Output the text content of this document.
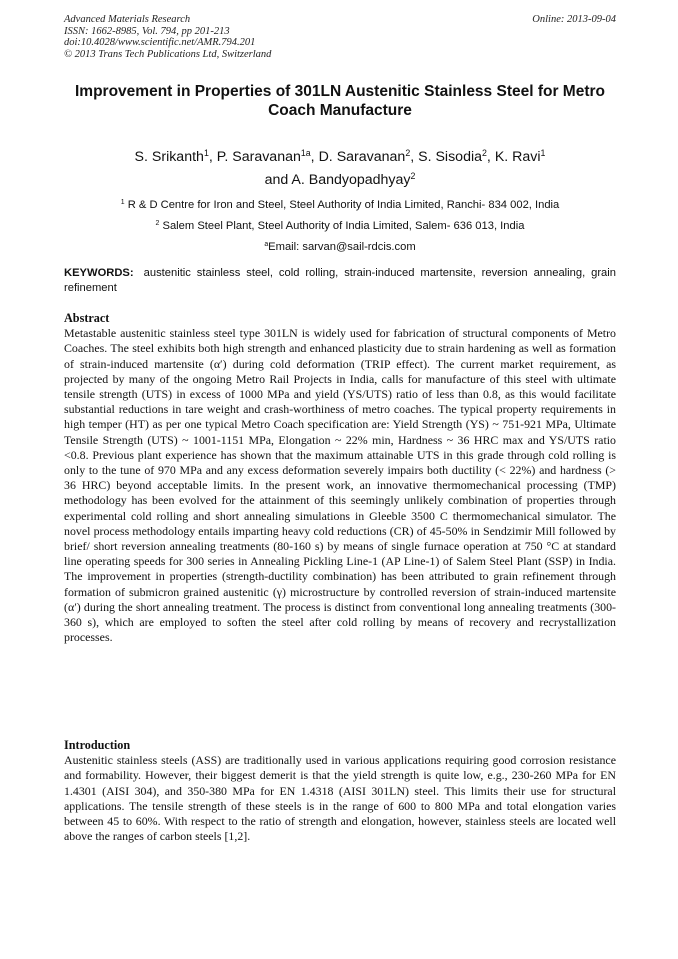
Advanced Materials Research
ISSN: 1662-8985, Vol. 794, pp 201-213
doi:10.4028/www.scientific.net/AMR.794.201
© 2013 Trans Tech Publications Ltd, Switzerland
Online: 2013-09-04
Improvement in Properties of 301LN Austenitic Stainless Steel for Metro Coach Manufacture
S. Srikanth$^1$, P. Saravanan$^{1a}$, D. Saravanan$^2$, S. Sisodia$^2$, K. Ravi$^1$
and A. Bandyopadhyay$^2$
$^1$ R & D Centre for Iron and Steel, Steel Authority of India Limited, Ranchi- 834 002, India
$^2$ Salem Steel Plant, Steel Authority of India Limited, Salem- 636 013, India
$^a$Email: sarvan@sail-rdcis.com
KEYWORDS: austenitic stainless steel, cold rolling, strain-induced martensite, reversion annealing, grain refinement
Abstract

Metastable austenitic stainless steel type 301LN is widely used for fabrication of structural components of Metro Coaches. The steel exhibits both high strength and enhanced plasticity due to strain hardening as well as formation of strain-induced martensite (α′) during cold deformation (TRIP effect). The current market requirement, as projected by many of the ongoing Metro Rail Projects in India, calls for manufacture of this steel with ultimate tensile strength (UTS) in excess of 1000 MPa and yield (YS/UTS) ratio of less than 0.8, as this would facilitate substantial reductions in tare weight and crash-worthiness of metro coaches. The typical property requirements in high temper (HT) as per one typical Metro Coach specification are: Yield Strength (YS) ~ 751-921 MPa, Ultimate Tensile Strength (UTS) ~ 1001-1151 MPa, Elongation ~ 22% min, Hardness ~ 36 HRC max and YS/UTS ratio <0.8. Previous plant experience has shown that the maximum attainable UTS in this grade through cold rolling is only to the tune of 970 MPa and any excess deformation severely impairs both ductility (< 22%) and hardness (> 36 HRC) beyond acceptable limits. In the present work, an innovative thermomechanical processing (TMP) methodology has been evolved for the attainment of this seemingly unlikely combination of properties through experimental cold rolling and short annealing simulations in Gleeble 3500 C thermomechanical simulator. The novel process methodology entails imparting heavy cold reductions (CR) of 45-50% in Sendzimir Mill followed by brief/ short reversion annealing treatments (80-160 s) by means of single furnace operation at 750 °C at standard line operating speeds for 300 series in Annealing Pickling Line-1 (AP Line-1) of Salem Steel Plant (SSP) in India. The improvement in properties (strength-ductility combination) has been attributed to grain refinement through formation of submicron grained austenitic (γ) microstructure by controlled reversion of strain-induced martensite (α′) during the short annealing treatment. The process is distinct from conventional long annealing treatments (300-360 s), which are employed to soften the steel after cold rolling by means of recovery and recrystallization processes.

Introduction

Austenitic stainless steels (ASS) are traditionally used in various applications requiring good corrosion resistance and formability. However, their biggest demerit is that the yield strength is quite low, e.g., 230-260 MPa for EN 1.4301 (AISI 304), and 350-380 MPa for EN 1.4318 (AISI 301LN) steel. This limits their use for structural applications. The tensile strength of these steels is in the range of 600 to 800 MPa and total elongation varies between 45 to 60%. With respect to the ratio of strength and elongation, however, stainless steels are located well above the ranges of carbon steels [1,2].
